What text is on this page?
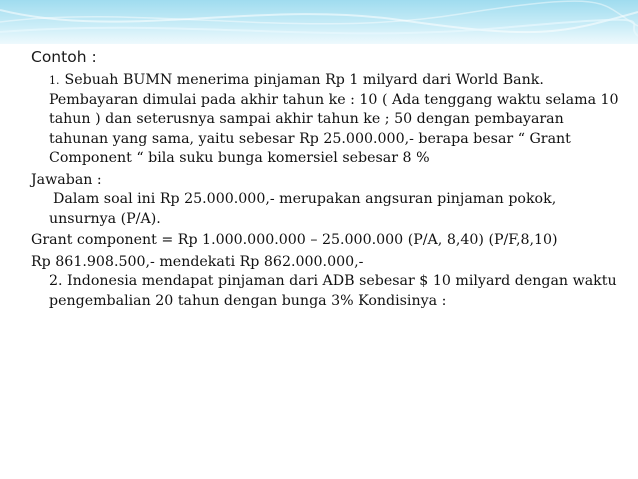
Contoh :

1. Sebuah BUMN menerima pinjaman Rp 1 milyard dari World Bank. Pembayaran dimulai pada akhir tahun ke : 10 ( Ada tenggang waktu selama 10 tahun ) dan seterusnya sampai akhir tahun ke ; 50 dengan pembayaran tahunan yang sama, yaitu sebesar Rp 25.000.000,- berapa besar “ Grant Component “ bila suku bunga komersiel sebesar 8 %

Jawaban :

Dalam soal ini Rp 25.000.000,- merupakan angsuran pinjaman pokok, unsurnya (P/A).

Grant component = Rp 1.000.000.000 – 25.000.000 (P/A, 8,40) (P/F,8,10)

Rp 861.908.500,- mendekati Rp 862.000.000,-

2. Indonesia mendapat pinjaman dari ADB sebesar $ 10 milyard dengan waktu pengembalian 20 tahun dengan bunga 3% Kondisinya :
